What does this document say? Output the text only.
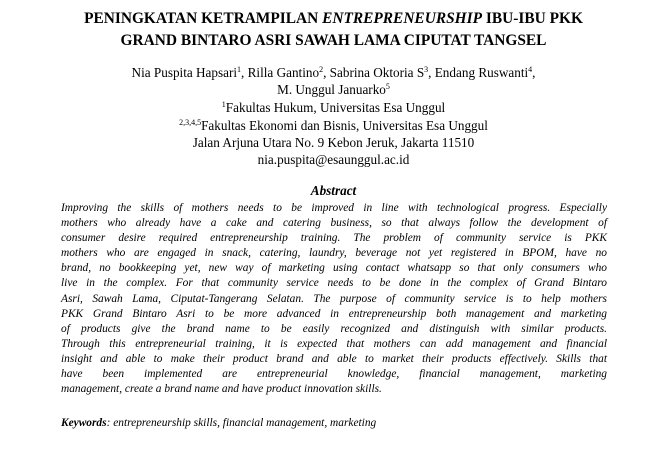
PENINGKATAN KETRAMPILAN ENTREPRENEURSHIP IBU-IBU PKK
GRAND BINTARO ASRI SAWAH LAMA CIPUTAT TANGSEL
Nia Puspita Hapsari$^1$, Rilla Gantino$^2$, Sabrina Oktoria $S^3$, Endang Ruswanti$^4$,
M. Unggul Januarko$^5$
$^1$Fakultas Hukum, Universitas Esa Unggul
$^{2,3,4,5}$Fakultas Ekonomi dan Bisnis, Universitas Esa Unggul
Jalan Arjuna Utara No. 9 Kebon Jeruk, Jakarta 11510
nia.puspita@esaunggul.ac.id
Abstract
Improving the skills of mothers needs to be improved in line with technological progress. Especially
mothers who already have a cake and catering business, so that always follow the development of
consumer desire required entrepreneurship training. The problem of community service is PKK
mothers who are engaged in snack, catering, laundry, beverage not yet registered in BPOM, have no
brand, no bookkeeping yet, new way of marketing using contact whatsapp so that only consumers who
live in the complex. For that community service needs to be done in the complex of Grand Bintaro
Asri, Sawah Lama, Ciputat-Tangerang Selatan. The purpose of community service is to help mothers
PKK Grand Bintaro Asri to be more advanced in entrepreneurship both management and marketing
of products give the brand name to be easily recognized and distinguish with similar products.
Through this entrepreneurial training, it is expected that mothers can add management and financial
insight and able to make their product brand and able to market their products effectively. Skills that
have been implemented are entrepreneurial knowledge, financial management, marketing
management, create a brand name and have product innovation skills.
Keywords: entrepreneurship skills, financial management, marketing
